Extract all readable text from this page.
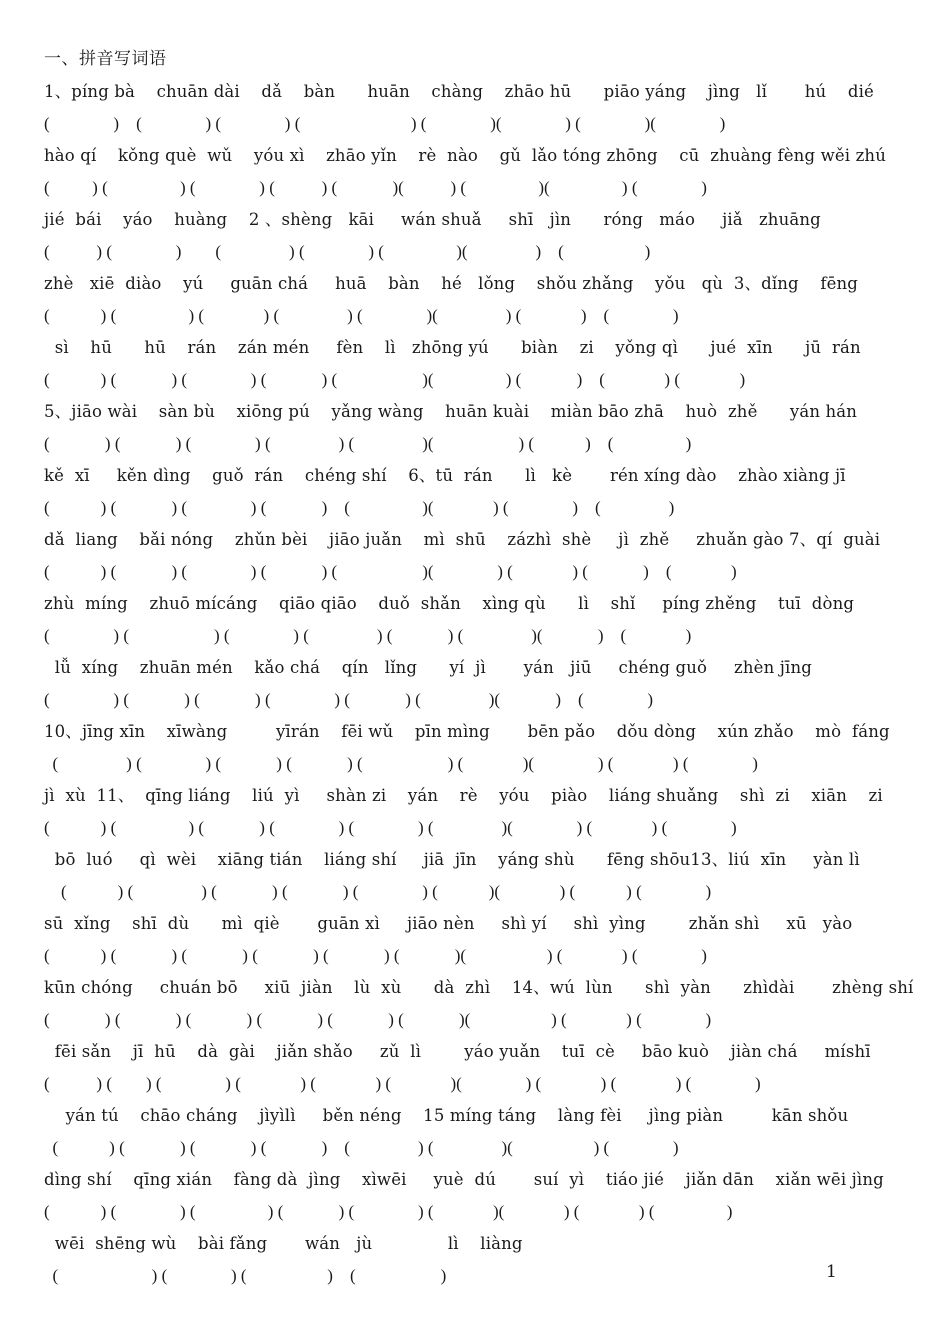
一、拼音写词语
1、píng bà    chuān dài    dǎ    bàn      huān    chàng    zhāo hū      piāo yáng    jìng   lǐ       hú    dié
(               )    (               ) (               ) (                          ) (               )(               ) (               )(               )
hào qí    kǒng què  wǔ    yóu xì    zhāo yǐn    rè  nào    gǔ  lǎo tóng zhōng    cū  zhuàng fèng wěi zhú
(          ) (                 ) (               ) (           ) (             )(           ) (                 )(                 ) (               )
jié  bái    yáo    huàng    2 、shèng   kāi     wán shuǎ     shī   jìn      róng   máo     jiǎ   zhuāng
(           ) (               )        (                ) (               ) (                 )(                )    (                   )
zhè   xiē  diào    yú     guān chá     huā    bàn    hé   lǒng    shǒu zhǎng    yǒu   qù  3、dǐng    fēng
(            ) (                 ) (              ) (                ) (               )(                ) (              )    (               )
sì    hū      hū    rán    zán mén     fèn    lì   zhōng yú      biàn    zi    yǒng qì      jué  xīn      jū  rán
(            ) (             ) (               ) (             ) (                    )(                 ) (             )    (              ) (              )
5、jiāo wài    sàn bù    xiōng pú    yǎng wàng    huān kuài    miàn bāo zhā    huò  zhě      yán hán
(             ) (             ) (               ) (                ) (                )(                    ) (            )    (                 )
kě  xī     kěn dìng    guǒ  rán    chéng shí    6、tū  rán      lì   kè       rén xíng dào    zhào xiàng jī
(            ) (             ) (               ) (             )    (                 )(              ) (               )    (                )
dǎ  liang    bǎi nóng    zhǔn bèi    jiāo juǎn    mì  shū    zázhì  shè     jì  zhě     zhuǎn gào 7、qí  guài
(            ) (             ) (               ) (             ) (                    )(               ) (              ) (             )    (              )
zhù  míng    zhuō mícáng    qiāo qiāo    duǒ  shǎn    xìng qù      lì    shǐ     píng zhěng    tuī  dòng
(               ) (                    ) (               ) (                ) (             ) (                )(             )    (              )
lǚ  xíng    zhuān mén    kǎo chá    qín   lǐng      yí  jì       yán   jiū     chéng guǒ     zhèn jīng
(               ) (             ) (             ) (               ) (             ) (                )(             )    (               )
10、jīng xīn    xīwàng         yīrán    fēi wǔ    pīn mìng       bēn pǎo    dǒu dòng    xún zhǎo    mò  fáng
(                ) (               ) (             ) (             ) (                    ) (              )(               ) (              ) (               )
jì  xù  11、  qīng liáng    liú  yì     shàn zi    yán    rè    yóu    piào    liáng shuǎng    shì  zi    xiān    zi
(            ) (                 ) (             ) (               ) (               ) (                )(               ) (              ) (               )
bō  luó     qì  wèi    xiāng tián    liáng shí     jiā  jīn    yáng shù      fēng shōu13、liú  xīn     yàn lì
(            ) (                ) (             ) (             ) (               ) (            )(              ) (            ) (               )
sū  xǐng    shī  dù      mì  qiè       guān xì     jiāo nèn     shì yí     shì  yìng        zhǎn shì     xū   yào
(            ) (             ) (             ) (             ) (             ) (             )(                   ) (              ) (               )
kūn chóng     chuán bō     xiū  jiàn    lù  xù      dà  zhì    14、wú  lùn      shì  yàn      zhìdài       zhèng shí
(             ) (             ) (             ) (             ) (             ) (             )(                   ) (              ) (               )
fēi sǎn    jī  hū    dà  gài    jiǎn shǎo     zǔ  lì        yáo yuǎn    tuī  cè     bāo kuò    jiàn chá     míshī
(           ) (        ) (               ) (              ) (              ) (              )(               ) (              ) (              ) (               )
yán tú    chāo cháng    jìyìlì     běn néng    15 míng táng    làng fèi     jìng piàn         kān shǒu
(            ) (             ) (             ) (             )    (                ) (                )(                   ) (               )
dìng shí    qīng xián    fàng dà  jìng    xìwēi     yuè  dú       suí  yì    tiáo jié    jiǎn dān    xiǎn wēi jìng
(            ) (               ) (                 ) (             ) (               ) (              )(              ) (              ) (                 )
wēi  shēng wù    bài fǎng       wán   jù              lì    liàng
(                      ) (               ) (                   )    (                    )	1
